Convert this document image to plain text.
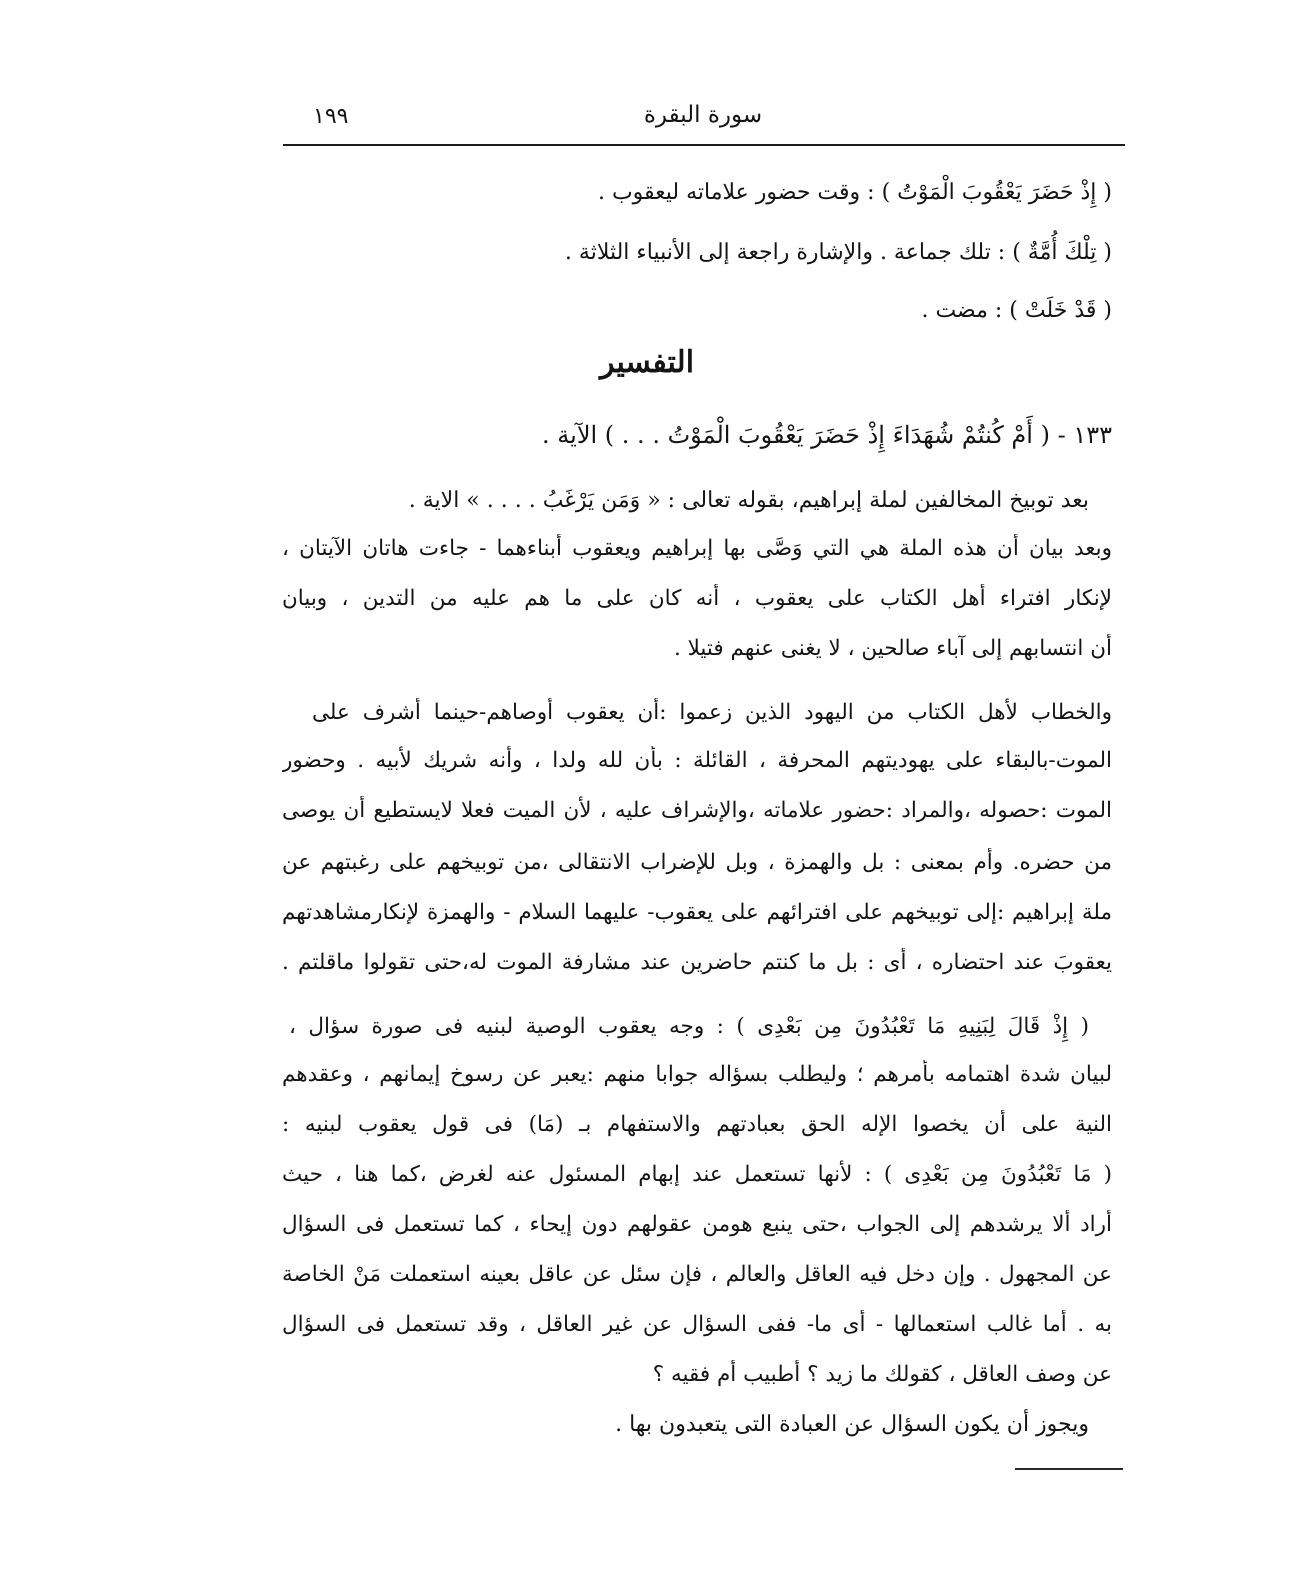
١٩٩	سورة البقرة
( إِذْ حَضَرَ يَعْقُوبَ الْمَوْتُ ) : وقت حضور علاماته ليعقوب .
( تِلْكَ أُمَّةٌ ) : تلك جماعة . والإشارة راجعة إلى الأنبياء الثلاثة .
( قَدْ خَلَتْ ) : مضت .
التفسير
١٣٣ - ( أَمْ كُنتُمْ شُهَدَاءَ إِذْ حَضَرَ يَعْقُوبَ الْمَوْتُ . . . ) الآية .
بعد توبيخ المخالفين لملة إبراهيم، بقوله تعالى : « وَمَن يَرْغَبُ . . . . » الاية .
وبعد بيان أن هذه الملة هي التي وَصَّى بها إبراهيم ويعقوب أبناءهما - جاءت هاتان الآيتان ،
لإنكار افتراء أهل الكتاب على يعقوب ، أنه كان على ما هم عليه من التدين ، وبيان
أن انتسابهم إلى آباء صالحين ، لا يغنى عنهم فتيلا .
والخطاب لأهل الكتاب من اليهود الذين زعموا :أن يعقوب أوصاهم-حينما أشرف على
الموت-بالبقاء على يهوديتهم المحرفة ، القائلة : بأن لله ولدا ، وأنه شريك لأبيه . وحضور
الموت :حصوله ،والمراد :حضور علاماته ،والإشراف عليه ، لأن الميت فعلا لايستطيع أن يوصى
من حضره. وأم بمعنى : بل والهمزة ، وبل للإضراب الانتقالى ،من توبيخهم على رغبتهم عن
ملة إبراهيم :إلى توبيخهم على افترائهم على يعقوب- عليهما السلام - والهمزة لإنكارمشاهدتهم
يعقوبَ عند احتضاره ، أى : بل ما كنتم حاضرين عند مشارفة الموت له،حتى تقولوا ماقلتم .
( إِذْ قَالَ لِبَنِيهِ مَا تَعْبُدُونَ مِن بَعْدِى ) : وجه يعقوب الوصية لبنيه فى صورة سؤال ،
لبيان شدة اهتمامه بأمرهم ؛ وليطلب بسؤاله جوابا منهم :يعبر عن رسوخ إيمانهم ، وعقدهم
النية على أن يخصوا الإله الحق بعبادتهم والاستفهام بـ (مَا) فى قول يعقوب لبنيه :
( مَا تَعْبُدُونَ مِن بَعْدِى ) : لأنها تستعمل عند إبهام المسئول عنه لغرض ،كما هنا ، حيث
أراد ألا يرشدهم إلى الجواب ،حتى ينبع هومن عقولهم دون إيحاء ، كما تستعمل فى السؤال
عن المجهول . وإن دخل فيه العاقل والعالم ، فإن سئل عن عاقل بعينه استعملت مَنْ الخاصة
به . أما غالب استعمالها - أى ما- ففى السؤال عن غير العاقل ، وقد تستعمل فى السؤال
عن وصف العاقل ، كقولك ما زيد ؟ أطبيب أم فقيه ؟
ويجوز أن يكون السؤال عن العبادة التى يتعبدون بها .
